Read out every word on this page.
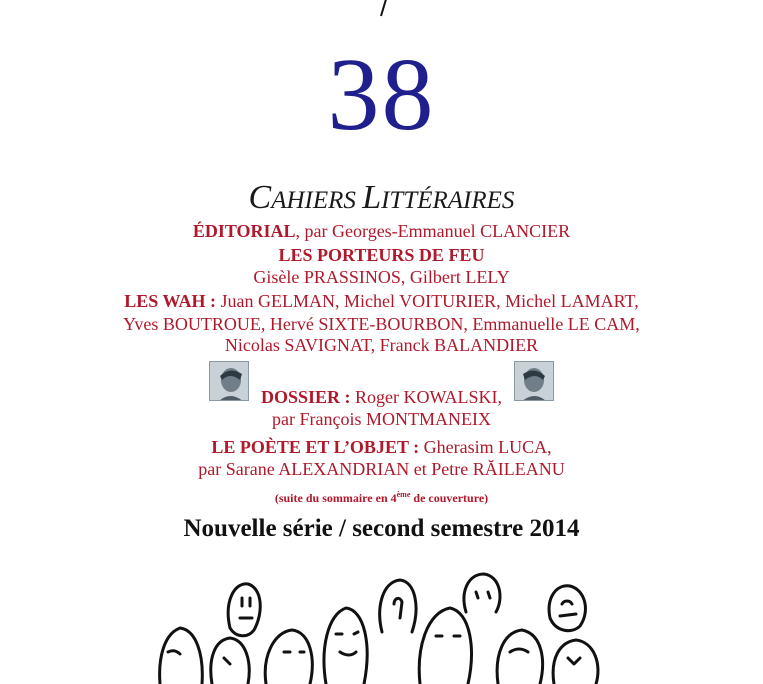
38
CAHIERS LITTÉRAIRES
ÉDITORIAL, par Georges-Emmanuel CLANCIER
LES PORTEURS DE FEU
Gisèle PRASSINOS, Gilbert LELY
LES WAH : Juan GELMAN, Michel VOITURIER, Michel LAMART,
Yves BOUTROUE, Hervé SIXTE-BOURBON, Emmanuelle LE CAM,
Nicolas SAVIGNAT, Franck BALANDIER
DOSSIER : Roger KOWALSKI,
par François MONTMANEIX
LE POÈTE ET L’OBJET : Gherasim LUCA,
par Sarane ALEXANDRIAN et Petre RĂILEANU
(suite du sommaire en 4ème de couverture)
Nouvelle série / second semestre 2014
